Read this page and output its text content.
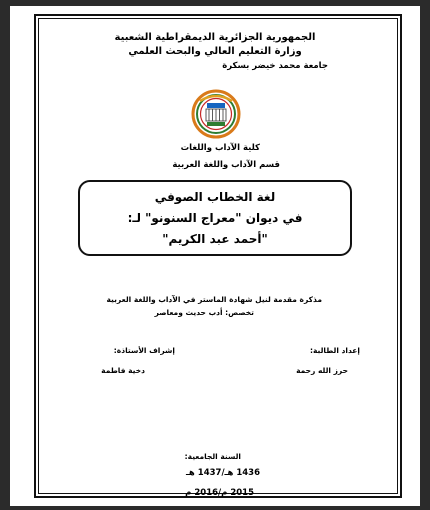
الجمهورية الجزائرية الديمقراطية الشعبية
وزارة التعليم العالي والبحث العلمي
جامعة محمد خيضر بسكرة
كلية الآداب واللغات
قسم الآداب واللغة العربية
لغة الخطاب الصوفي
في ديوان "معراج السنونو" لـ:
"أحمد عبد الكريم"
مذكرة مقدمة لنيل شهادة الماستر في الآداب واللغة العربية
تخصص: أدب حديث ومعاصر
إعداد الطالبة:
حرز الله رحمة
إشراف الأستاذة:
دخية فاطمة
السنة الجامعية:
1436 هـ/1437 هـ
2015 م/2016 م
